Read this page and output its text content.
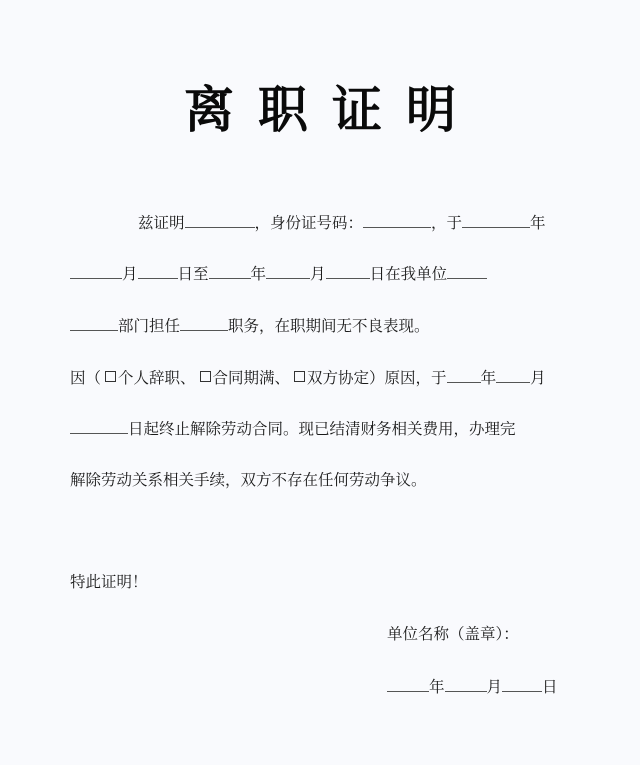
离职证明
兹证明	，身份证号码：	，于	年
月	日至	年	月	日在我单位
部门担任	职务，在职期间无不良表现。
因（ 个人辞职、 合同期满、 双方协定）原因，于 年 月
日起终止解除劳动合同。现已结清财务相关费用，办理完
解除劳动关系相关手续，双方不存在任何劳动争议。
特此证明！
单位名称（盖章）：
年	月	日
